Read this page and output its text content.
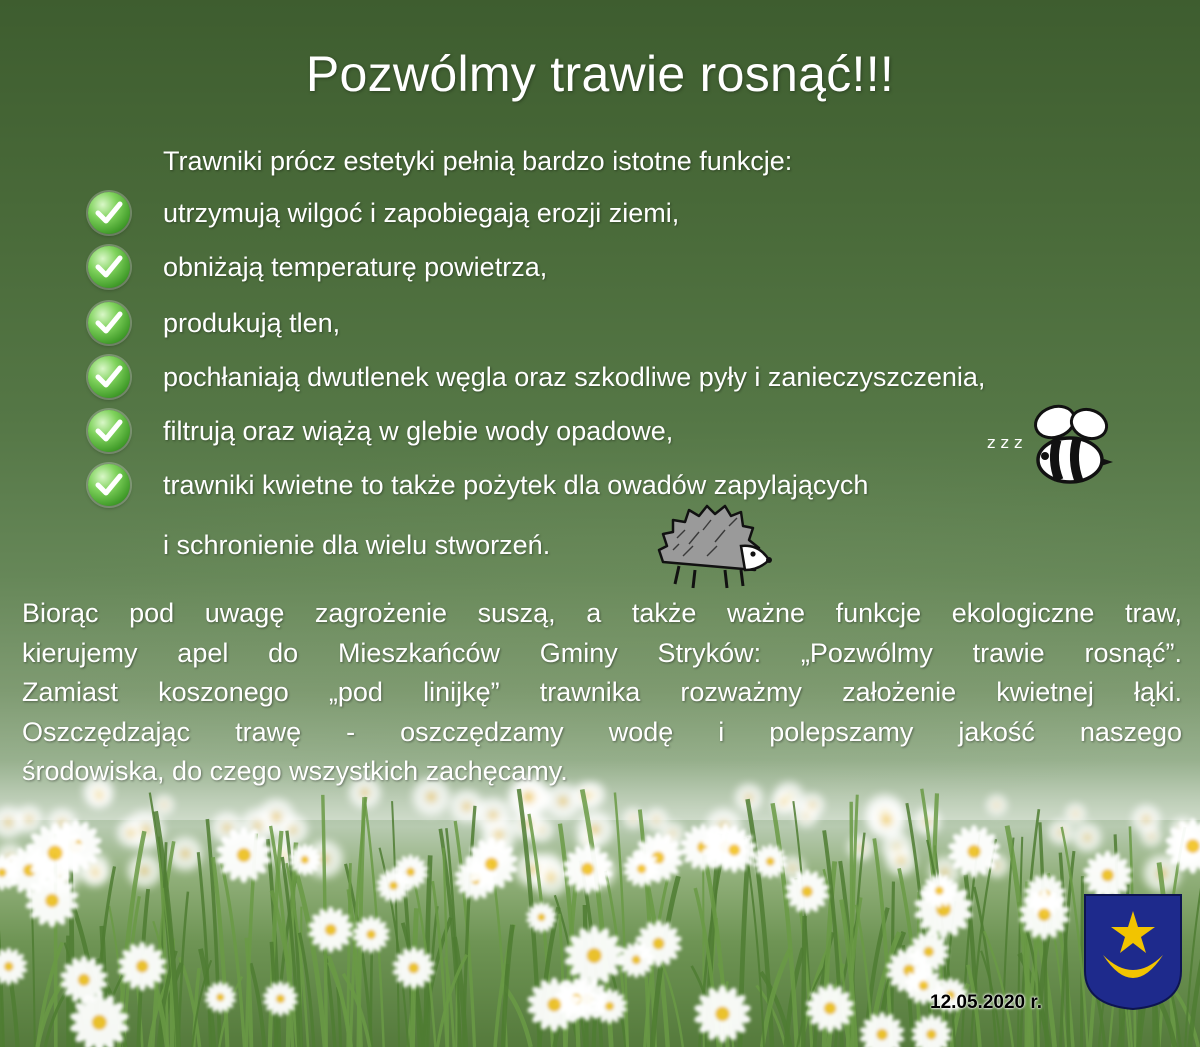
Pozwólmy trawie rosnąć!!!
Trawniki prócz estetyki pełnią bardzo istotne funkcje:
utrzymują wilgoć i zapobiegają erozji ziemi,
obniżają temperaturę powietrza,
produkują tlen,
pochłaniają dwutlenek węgla oraz szkodliwe pyły i zanieczyszczenia,
filtrują oraz wiążą w glebie wody opadowe,
trawniki kwietne to także pożytek dla owadów zapylających
i schronienie dla wielu stworzeń.
z z z
Biorąc pod uwagę zagrożenie suszą, a także ważne funkcje ekologiczne traw,
kierujemy apel do Mieszkańców Gminy Stryków: „Pozwólmy trawie rosnąć”.
Zamiast koszonego „pod linijkę” trawnika rozważmy założenie kwietnej łąki.
Oszczędzając trawę - oszczędzamy wodę i polepszamy jakość naszego
środowiska, do czego wszystkich zachęcamy.
12.05.2020 r.
